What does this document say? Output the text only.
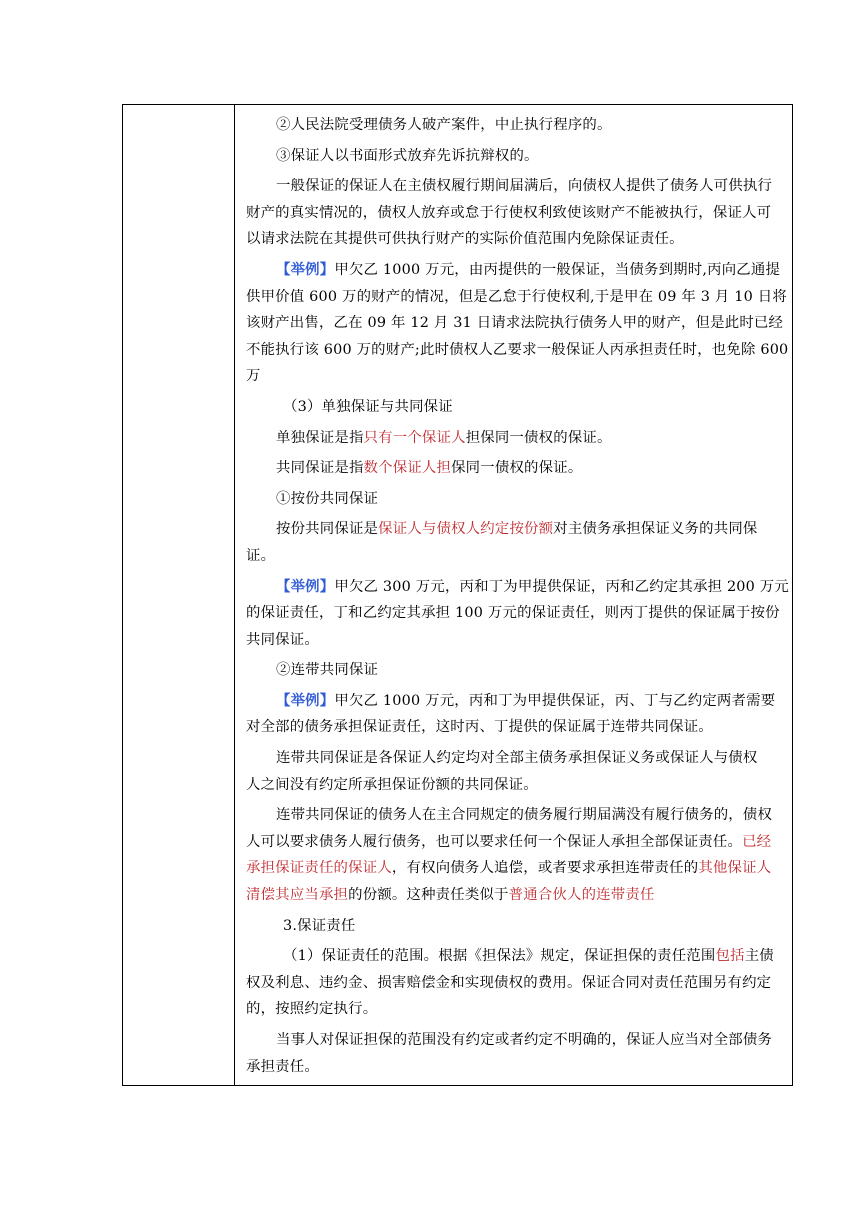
②人民法院受理债务人破产案件，中止执行程序的。
③保证人以书面形式放弃先诉抗辩权的。
一般保证的保证人在主债权履行期间届满后，向债权人提供了债务人可供执行
财产的真实情况的，债权人放弃或怠于行使权利致使该财产不能被执行，保证人可
以请求法院在其提供可供执行财产的实际价值范围内免除保证责任。
【举例】甲欠乙 1000 万元，由丙提供的一般保证，当债务到期时,丙向乙通提
供甲价值 600 万的财产的情况，但是乙怠于行使权利,于是甲在 09 年 3 月 10 日将
该财产出售，乙在 09 年 12 月 31 日请求法院执行债务人甲的财产，但是此时已经
不能执行该 600 万的财产;此时债权人乙要求一般保证人丙承担责任时，也免除 600
万
（3）单独保证与共同保证
单独保证是指只有一个保证人担保同一债权的保证。
共同保证是指数个保证人担保同一债权的保证。
①按份共同保证
按份共同保证是保证人与债权人约定按份额对主债务承担保证义务的共同保
证。
【举例】甲欠乙 300 万元，丙和丁为甲提供保证，丙和乙约定其承担 200 万元
的保证责任，丁和乙约定其承担 100 万元的保证责任，则丙丁提供的保证属于按份
共同保证。
②连带共同保证
【举例】甲欠乙 1000 万元，丙和丁为甲提供保证，丙、丁与乙约定两者需要
对全部的债务承担保证责任，这时丙、丁提供的保证属于连带共同保证。
连带共同保证是各保证人约定均对全部主债务承担保证义务或保证人与债权
人之间没有约定所承担保证份额的共同保证。
连带共同保证的债务人在主合同规定的债务履行期届满没有履行债务的，债权
人可以要求债务人履行债务，也可以要求任何一个保证人承担全部保证责任。已经
承担保证责任的保证人，有权向债务人追偿，或者要求承担连带责任的其他保证人
清偿其应当承担的份额。这种责任类似于普通合伙人的连带责任
3.保证责任
（1）保证责任的范围。根据《担保法》规定，保证担保的责任范围包括主债
权及利息、违约金、损害赔偿金和实现债权的费用。保证合同对责任范围另有约定
的，按照约定执行。
当事人对保证担保的范围没有约定或者约定不明确的，保证人应当对全部债务
承担责任。
